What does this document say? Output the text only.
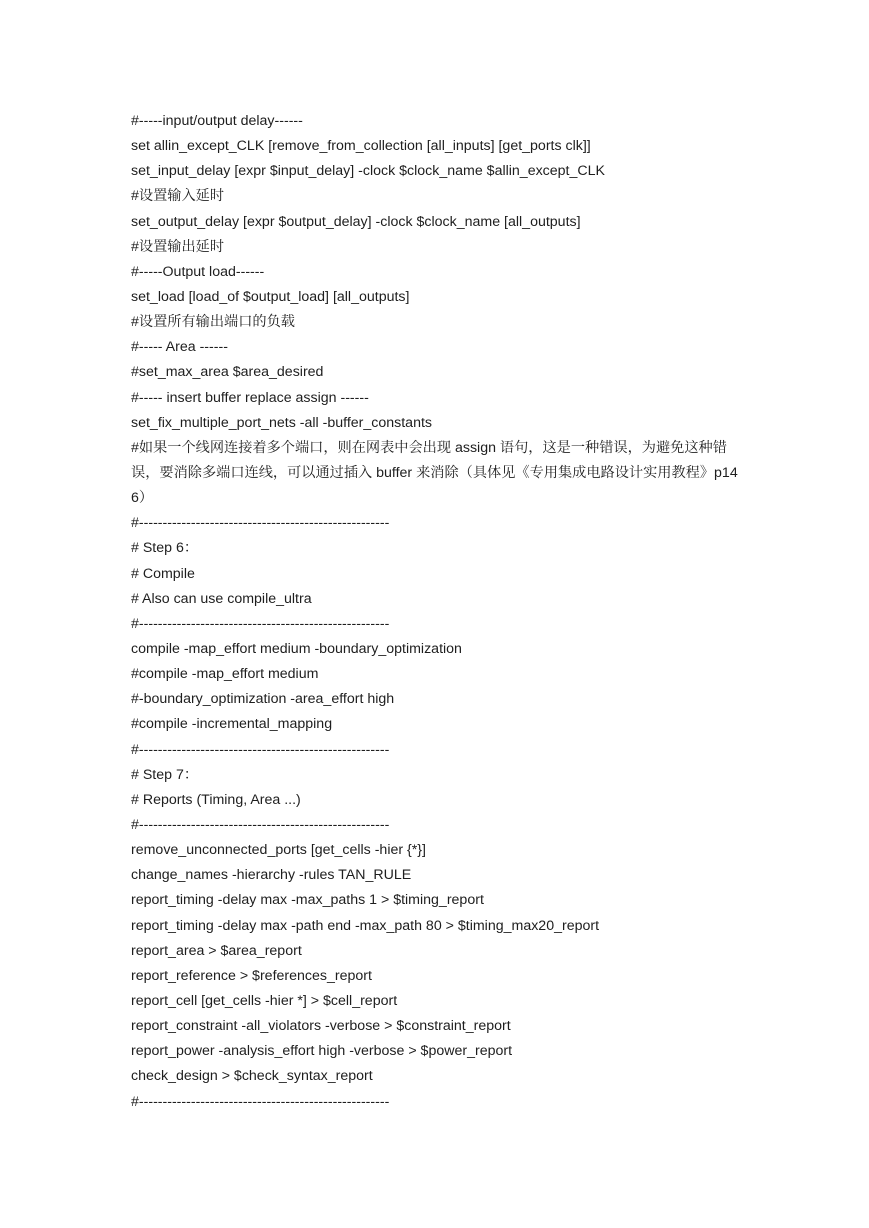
#-----input/output delay------
set allin_except_CLK [remove_from_collection [all_inputs] [get_ports clk]]
set_input_delay [expr $input_delay] -clock $clock_name $allin_except_CLK
#设置输入延时
set_output_delay [expr $output_delay] -clock $clock_name [all_outputs]
#设置输出延时
#-----Output load------
set_load [load_of $output_load] [all_outputs]
#设置所有输出端口的负载
#----- Area ------
#set_max_area $area_desired
#----- insert buffer replace assign ------
set_fix_multiple_port_nets -all -buffer_constants
#如果一个线网连接着多个端口，则在网表中会出现 assign 语句，这是一种错误，为避免这种错误，要消除多端口连线，可以通过插入 buffer 来消除（具体见《专用集成电路设计实用教程》p146）
#-----------------------------------------------------
# Step 6：
# Compile
# Also can use compile_ultra
#-----------------------------------------------------
compile -map_effort medium -boundary_optimization
#compile -map_effort medium
#-boundary_optimization -area_effort high
#compile -incremental_mapping
#-----------------------------------------------------
# Step 7：
# Reports (Timing, Area ...)
#-----------------------------------------------------
remove_unconnected_ports [get_cells -hier {*}]
change_names -hierarchy -rules TAN_RULE
report_timing -delay max -max_paths 1 > $timing_report
report_timing -delay max -path end -max_path 80 > $timing_max20_report
report_area > $area_report
report_reference > $references_report
report_cell [get_cells -hier *] > $cell_report
report_constraint -all_violators -verbose > $constraint_report
report_power -analysis_effort high -verbose > $power_report
check_design > $check_syntax_report
#-----------------------------------------------------
